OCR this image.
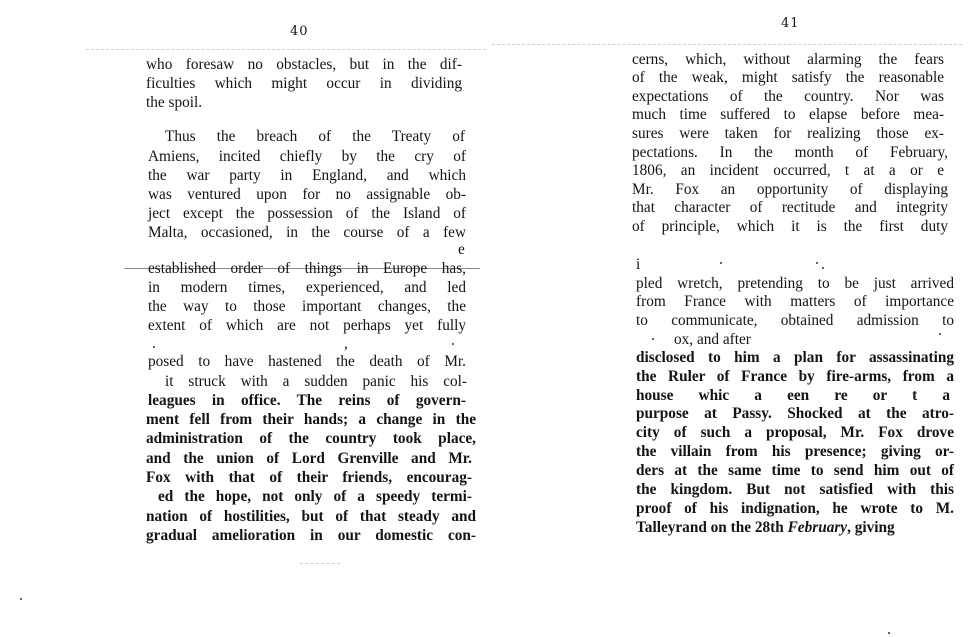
40
who foresaw no obstacles, but in the dif-
ficulties which might occur in dividing
the spoil.
Thus the breach of the Treaty of
Amiens, incited chiefly by the cry of
the war party in England, and which
was ventured upon for no assignable ob-
ject except the possession of the Island of
Malta, occasioned, in the course of a few
e
established order of things in Europe has,
in modern times, experienced, and led
the way to those important changes, the
extent of which are not perhaps yet fully
,
posed to have hastened the death of Mr.
it struck with a sudden panic his col-
leagues in office. The reins of govern-
ment fell from their hands; a change in the
administration of the country took place,
and the union of Lord Grenville and Mr.
Fox with that of their friends, encourag-
ed the hope, not only of a speedy termi-
nation of hostilities, but of that steady and
gradual amelioration in our domestic con-
41
cerns, which, without alarming the fears
of the weak, might satisfy the reasonable
expectations of the country. Nor was
much time suffered to elapse before mea-
sures were taken for realizing those ex-
pectations. In the month of February,
1806, an incident occurred, t at a or e
Mr. Fox an opportunity of displaying
that character of rectitude and integrity
of principle, which it is the first duty
i
pled wretch, pretending to be just arrived
from France with matters of importance
to communicate, obtained admission to
ox, and after
disclosed to him a plan for assassinating
the Ruler of France by fire-arms, from a
house whic a een re or t a
purpose at Passy. Shocked at the atro-
city of such a proposal, Mr. Fox drove
the villain from his presence; giving or-
ders at the same time to send him out of
the kingdom. But not satisfied with this
proof of his indignation, he wrote to M.
Talleyrand on the 28th February, giving
